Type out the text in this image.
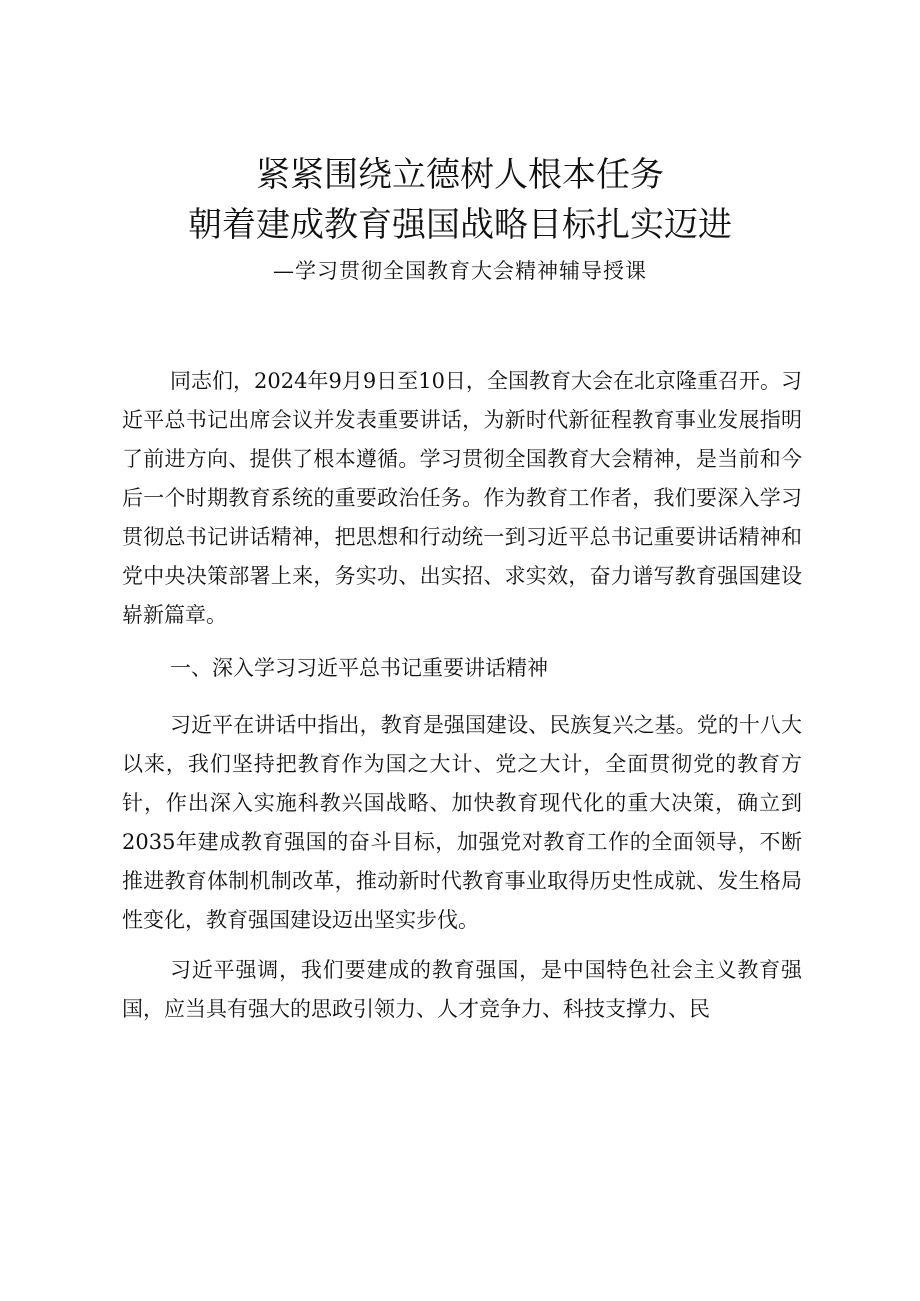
紧紧围绕立德树人根本任务
朝着建成教育强国战略目标扎实迈进
—学习贯彻全国教育大会精神辅导授课

同志们，2024年9月9日至10日，全国教育大会在北京隆重召开。习近平总书记出席会议并发表重要讲话，为新时代新征程教育事业发展指明了前进方向、提供了根本遵循。学习贯彻全国教育大会精神，是当前和今后一个时期教育系统的重要政治任务。作为教育工作者，我们要深入学习贯彻总书记讲话精神，把思想和行动统一到习近平总书记重要讲话精神和党中央决策部署上来，务实功、出实招、求实效，奋力谱写教育强国建设崭新篇章。

一、深入学习习近平总书记重要讲话精神

习近平在讲话中指出，教育是强国建设、民族复兴之基。党的十八大以来，我们坚持把教育作为国之大计、党之大计，全面贯彻党的教育方针，作出深入实施科教兴国战略、加快教育现代化的重大决策，确立到2035年建成教育强国的奋斗目标，加强党对教育工作的全面领导，不断推进教育体制机制改革，推动新时代教育事业取得历史性成就、发生格局性变化，教育强国建设迈出坚实步伐。

习近平强调，我们要建成的教育强国，是中国特色社会主义教育强国，应当具有强大的思政引领力、人才竞争力、科技支撑力、民
